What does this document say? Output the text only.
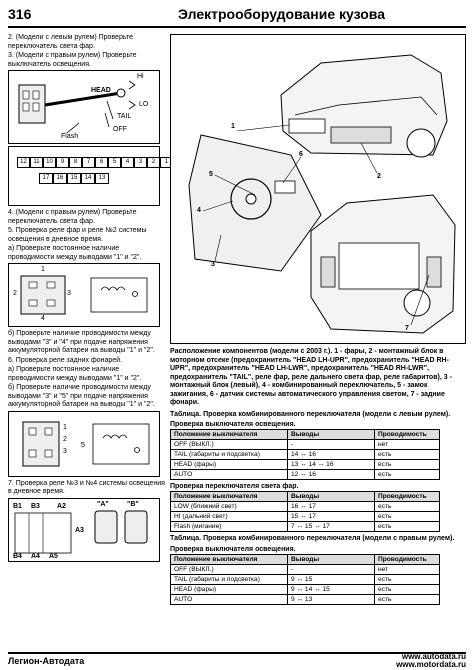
316	Электрооборудование кузова

2. (Модели с левым рулем) Проверьте переключатель света фар.

3. (Модели с правым рулем) Проверьте выключатель освещения.

Hi
HEAD
LO
TAIL
OFF
Flash
12	11	10	9	8	7	6	5	4	3	2	1
17	16	15	14	13

4. (Модели с правым рулем) Проверьте переключатель света фар.

5. Проверка реле фар и реле №2 системы освещения в дневное время.

а) Проверьте постоянное наличие проводимости между выводами "1" и "2".

1
2	3
4

б) Проверьте наличие проводимости между выводами "3" и "4" при подаче напряжения аккумуляторной батареи на выводы "1" и "2".

6. Проверка реле задних фонарей.

а) Проверьте постоянное наличие проводимости между выводами "1" и "2".

б) Проверьте наличие проводимости между выводами "3" и "5" при подаче напряжения аккумуляторной батареи на выводы "1" и "2".

1
2
3
5

7. Проверка реле №3 и №4 системы освещения в дневное время.

B1 B3 A2
A3
B4 A4 A5
"A"	"B"
1
2
3
4
5
6
7
Расположение компонентов (модели с 2003 г.). 1 - фары, 2 - монтажный блок в моторном отсеке (предохранитель "HEAD LH-UPR", предохранитель "HEAD RH-UPR", предохранитель "HEAD LH-LWR", предохранитель "HEAD RH-LWR", предохранитель "TAIL", реле фар, реле дальнего света фар, реле габаритов), 3 - монтажный блок (левый), 4 - комбинированный переключатель, 5 - замок зажигания, 6 - датчик системы автоматического управления светом, 7 - задние фонари.
Таблица. Проверка комбинированного переключателя (модели с левым рулем).
Проверка выключателя освещения.
Положение выключателя	Выводы	Проводимость
OFF (ВЫКЛ.)	-	нет
TAIL (габариты и подсветка)	14 ↔ 16	есть
HEAD (фары)	13 ↔ 14 ↔ 16	есть
AUTO	12 ↔ 16	есть
Проверка переключателя света фар.
Положение выключателя	Выводы	Проводимость
LOW (ближний свет)	16 ↔ 17	есть
HI (дальний свет)	15 ↔ 17	есть
Flash (мигание)	7 ↔ 15 ↔ 17	есть
Таблица. Проверка комбинированного переключателя (модели с правым рулем).
Проверка выключателя освещения.
Положение выключателя	Выводы	Проводимость
OFF (ВЫКЛ.)	-	нет
TAIL (габариты и подсветка)	9 ↔ 15	есть
HEAD (фары)	9 ↔ 14 ↔ 15	есть
AUTO	9 ↔ 13	есть
Легион-Автодата	www.autodata.ru
www.motordata.ru
